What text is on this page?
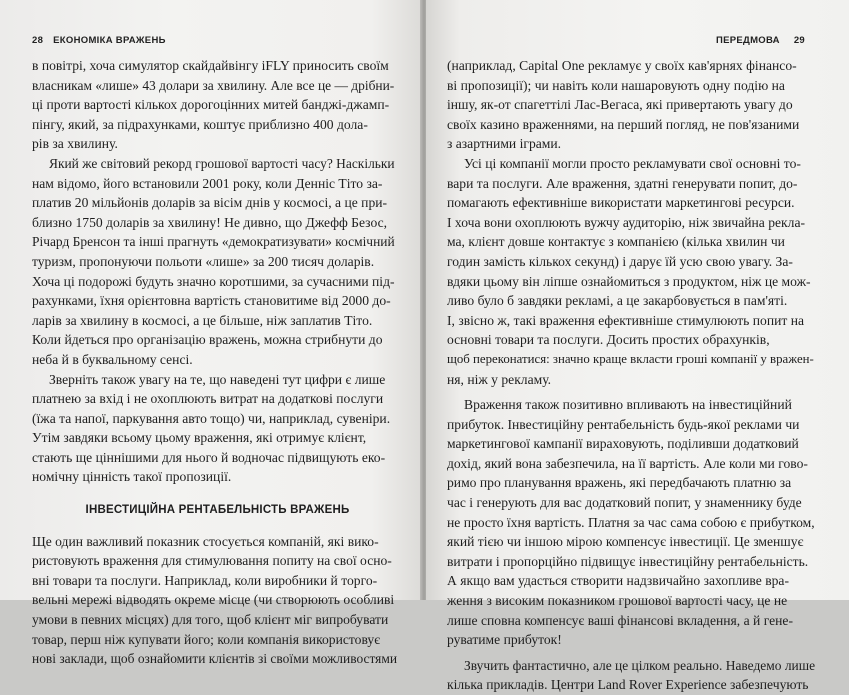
28 ЕКОНОМІКА ВРАЖЕНЬ
в повітрі, хоча симулятор скайдайвінгу iFLY приносить своїм
власникам «лише» 43 долари за хвилину. Але все це — дрібни-
ці проти вартості кількох дорогоцінних митей банджі-джамп-
пінгу, який, за підрахунками, коштує приблизно 400 дола-
рів за хвилину.
Який же світовий рекорд грошової вартості часу? Наскільки
нам відомо, його встановили 2001 року, коли Денніс Тіто за-
платив 20 мільйонів доларів за вісім днів у космосі, а це при-
близно 1750 доларів за хвилину! Не дивно, що Джефф Безос,
Річард Бренсон та інші прагнуть «демократизувати» космічний
туризм, пропонуючи польоти «лише» за 200 тисяч доларів.
Хоча ці подорожі будуть значно коротшими, за сучасними під-
рахунками, їхня орієнтовна вартість становитиме від 2000 до-
ларів за хвилину в космосі, а це більше, ніж заплатив Тіто.
Коли йдеться про організацію вражень, можна стрибнути до
неба й в буквальному сенсі.
Зверніть також увагу на те, що наведені тут цифри є лише
платнею за вхід і не охоплюють витрат на додаткові послуги
(їжа та напої, паркування авто тощо) чи, наприклад, сувеніри.
Утім завдяки всьому цьому враження, які отримує клієнт,
стають ще ціннішими для нього й водночас підвищують еко-
номічну цінність такої пропозиції.
ІНВЕСТИЦІЙНА РЕНТАБЕЛЬНІСТЬ ВРАЖЕНЬ
Ще один важливий показник стосується компаній, які вико-
ристовують враження для стимулювання попиту на свої осно-
вні товари та послуги. Наприклад, коли виробники й торго-
вельні мережі відводять окреме місце (чи створюють особливі
умови в певних місцях) для того, щоб клієнт міг випробувати
товар, перш ніж купувати його; коли компанія використовує
нові заклади, щоб ознайомити клієнтів зі своїми можливостями
ПЕРЕДМОВА 29
(наприклад, Capital One рекламує у своїх кав'ярнях фінансо-
ві пропозиції); чи навіть коли нашаровують одну подію на
іншу, як-от спагеттілі Лас-Вегаса, які привертають увагу до
своїх казино враженнями, на перший погляд, не пов'язаними
з азартними іграми.
Усі ці компанії могли просто рекламувати свої основні то-
вари та послуги. Але враження, здатні генерувати попит, до-
помагають ефективніше використати маркетингові ресурси.
І хоча вони охоплюють вужчу аудиторію, ніж звичайна рекла-
ма, клієнт довше контактує з компанією (кілька хвилин чи
годин замість кількох секунд) і дарує їй усю свою увагу. За-
вдяки цьому він ліпше ознайомиться з продуктом, ніж це мож-
ливо було б завдяки рекламі, а це закарбовується в пам'яті.
І, звісно ж, такі враження ефективніше стимулюють попит на
основні товари та послуги. Досить простих обрахунків,
щоб переконатися: значно краще вкласти гроші компанії у вражен-
ня, ніж у рекламу.
Враження також позитивно впливають на інвестиційний
прибуток. Інвестиційну рентабельність будь-якої реклами чи
маркетингової кампанії вираховують, поділивши додатковий
дохід, який вона забезпечила, на її вартість. Але коли ми гово-
римо про планування вражень, які передбачають платню за
час і генерують для вас додатковий попит, у знаменнику буде
не просто їхня вартість. Платня за час сама собою є прибутком,
який тією чи іншою мірою компенсує інвестиції. Це зменшує
витрати і пропорційно підвищує інвестиційну рентабельність.
А якщо вам удасться створити надзвичайно захопливе вра-
ження з високим показником грошової вартості часу, це не
лише сповна компенсує ваші фінансові вкладення, а й гене-
руватиме прибуток!
Звучить фантастично, але це цілком реально. Наведемо лише
кілька прикладів. Центри Land Rover Experience забезпечують
